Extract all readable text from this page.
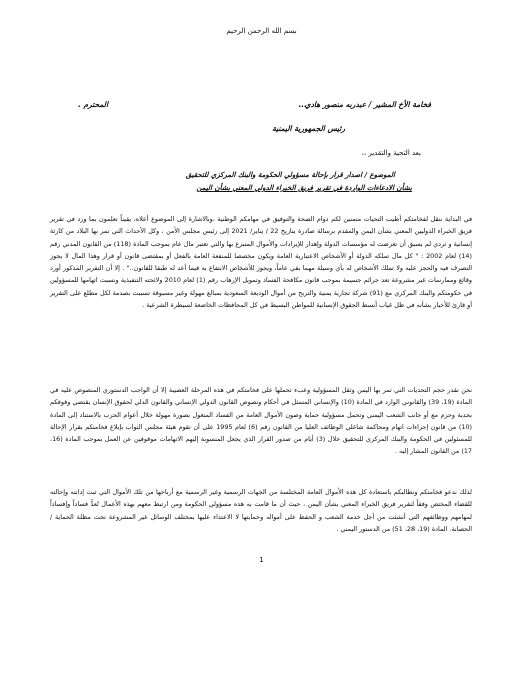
بسم الله الرحمن الرحيم
فخامة الأخ المشير / عبدربه منصور هادي
...
المحترم .
رئيس الجمهورية اليمنية
بعد التحية والتقدير ،،
الموضوع / اصدار قرار بإحالة مسؤولي الحكومة والبنك المركزي للتحقيق
بشأن الادعاءات الواردة في تقرير فريق الخبراء الدولي المعني بشأن اليمن

في البداية ننقل لفخامتكم أطيب التحيات متمنين لكم دوام الصحة والتوفيق في مهامكم الوطنية ،وبالاشارة إلى الموضوع أعلاه، يقيناً تعلمون بما ورد في تقرير فريق الخبراء الدوليين المعني بشأن اليمن والمقدم برسالة صادرة بتاريخ 22 / يناير/ 2021 إلى رئيس مجلس الأمن ، وكل الأحداث التي تمر بها البلاد من كارثة إنسانية و تردي لم يسبق أن تعرضت له مؤسسات الدولة وإهدار للإيرادات والأموال المتبرع بها والتي تعتبر مال عام بموجب المادة (118) من القانون المدني رقم (14) لعام 2002 : " كل مال تملكه الدولة أو الأشخاص الاعتبارية العامة ويكون مخصصا للمنفعة العامة بالفعل أو بمقتضى قانون أو قرار وهذا المال لا يجوز التصرف فيه والحجز عليه ولا تملك الأشخاص له بأي وسيلة مهما بقي عاماً، ويجوز للأشخاص الانتفاع به فيما أعد له طبقا للقانون.." . إلا أن التقرير المذكور أورد وقائع وممارسات غير مشروعة تعد جرائم جسيمة بموجب قانون مكافحة الفساد وتمويل الإرهاب رقم (1) لعام 2010 ولائحته التنفيذية ونسبت اتهامها للمسؤولين في حكومتكم والبنك المركزي مع (91) شركة تجارية يمنية والتربح من أموال الوديعة السعودية بمبالغ مهولة وغير مسبوقة تسببت بصدمة لكل مطلع على التقرير أو قارئ للأخبار بشأنه في ظل غياب أبسط الحقوق الإنسانية للمواطن البسيط في كل المحافظات الخاضعة لسيطرة الشرعية .

نحن نقدر حجم التحديات التي تمر بها اليمن وثقل المسؤولية وعبء تحملها على فخامتكم في هذه المرحلة العصيبة إلا أن الواجب الدستوري المنصوص عليه في المادة (19، 39) والقانوني الوارد في المادة (10) والإنساني المتمثل في أحكام ونصوص القانون الدولي الإنساني والقانون الدلي لحقوق الإنسان يقتضي وقوفكم بجدية وحزم مع أو جانب الشعب اليمني وتحمل مسؤولية حماية وصون الأموال العامة من الفساد المتغول بصورة مهولة خلال أعوام الحرب بالاستناد إلى المادة (10) من قانون إجراءات اتهام ومحاكمة شاغلي الوظائف العليا من القانون رقم (6) لعام 1995 على أن تقوم هيئة مجلس النواب بإبلاغ فخامتكم بقرار الإحالة للمسئولين في الحكومة والبنك المركزي للتحقيق خلال (3) أيام من صدور القرار الذي يجعل المنسوبة إليهم الاتهامات موقوفين عن العمل بموجب المادة (16، 17) من القانون المشار إليه .

لذلك ندعو فخامتكم ونطالبكم باستعادة كل هذه الأموال العامة المختلسة من الجهات الرسمية وغير الرسمية مع أرباحها من تلك الأموال التي ثبت إدانته وإحالته للقضاء المختص وفقاً لتقرير فريق الخبراء المعني بشأن اليمن ، حيث أن ما قامت به هذه مسؤولي الحكومة ومن ارتبط معهم بهذه الأعمال تُعدُّ فساداً وإفساداً لمهامهم ووظائفهم التي أنشئت من أجل خدمة الشعب و الحفظ على أمواله وحمايتها لا الاعتداء عليها بمختلف الوسائل غير المشروعة تحت مظلة الحماية / الحصانة. المادة (19، 28، 51) من الدستور اليمني .

1
